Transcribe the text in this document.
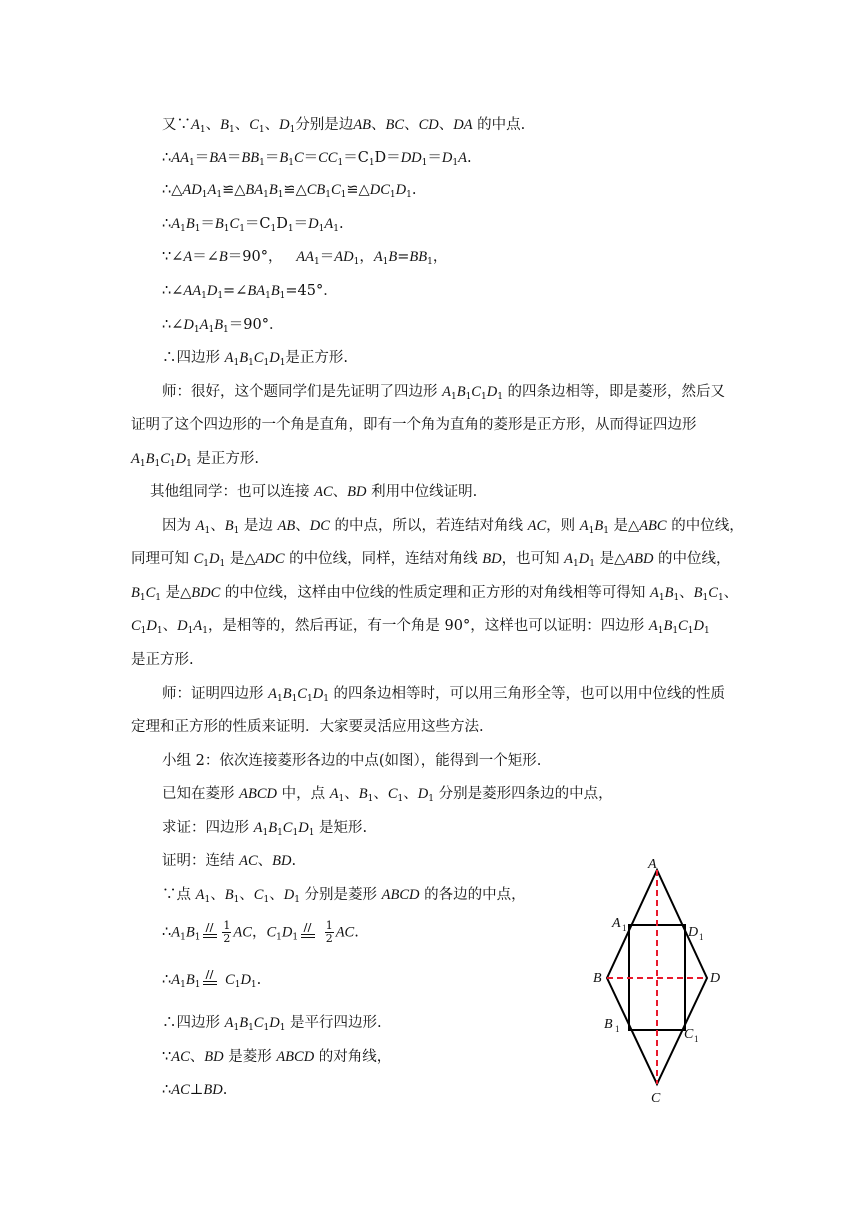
又$\because A_1$、$B_1$、$C_1$、$D_1$分别是边AB、BC、CD、DA 的中点.
$\therefore AA_1=BA=BB_1=B_1C=CC_1=C_1D=DD_1=D_1A$.
$\therefore\triangle AD_1A_1≌\triangle BA_1B_1≌\triangle CB_1C_1≌\triangle DC_1D_1$.
$\therefore A_1B_1=B_1C_1=C_1D_1=D_1A_1$.
∵∠A＝∠B＝90°，   $AA_1=AD_1$，$A_1B=BB_1$，
$\therefore\angle AA_1D_1=\angle BA_1B_1=45^\circ$．
$\therefore\angle D_1A_1B_1=90^\circ$．
∴四边形 $A_1B_1C_1D_1$是正方形.
师：很好，这个题同学们是先证明了四边形 $A_1B_1C_1D_1$ 的四条边相等，即是菱形，然后又
证明了这个四边形的一个角是直角，即有一个角为直角的菱形是正方形，从而得证四边形
$A_1B_1C_1D_1$ 是正方形.
其他组同学：也可以连接 AC、BD 利用中位线证明.
因为 $A_1$、$B_1$ 是边 AB、DC 的中点，所以，若连结对角线 AC，则 $A_1B_1$ 是△ABC 的中位线，
同理可知 $C_1D_1$ 是△ADC 的中位线，同样，连结对角线 BD，也可知 $A_1D_1$ 是△ABD 的中位线，
$B_1C_1$ 是△BDC 的中位线，这样由中位线的性质定理和正方形的对角线相等可得知 $A_1B_1$、$B_1C_1$、
$C_1D_1$、$D_1A_1$，是相等的，然后再证，有一个角是 90°，这样也可以证明：四边形 $A_1B_1C_1D_1$
是正方形.
师：证明四边形 $A_1B_1C_1D_1$ 的四条边相等时，可以用三角形全等，也可以用中位线的性质
定理和正方形的性质来证明．大家要灵活应用这些方法.
小组 2：依次连接菱形各边的中点(如图），能得到一个矩形.
已知在菱形 ABCD 中，点 $A_1$、$B_1$、$C_1$、$D_1$ 分别是菱形四条边的中点，
求证：四边形 $A_1B_1C_1D_1$ 是矩形.
证明：连结 AC、BD.
∵点 $A_1$、$B_1$、$C_1$、$D_1$ 分别是菱形 ABCD 的各边的中点，
$\therefore A_1B_1 \frac{1}{2}$ AC，$C_1D_1$
$\frac{1}{2}$ AC.
$\therefore A_1B_1$ $C_1D_1$.
∴四边形 $A_1B_1C_1D_1$ 是平行四边形.
∵AC、BD 是菱形 ABCD 的对角线，
∴AC⊥BD.
A
A 1	D 1
B	D
B 1	C 1
C
